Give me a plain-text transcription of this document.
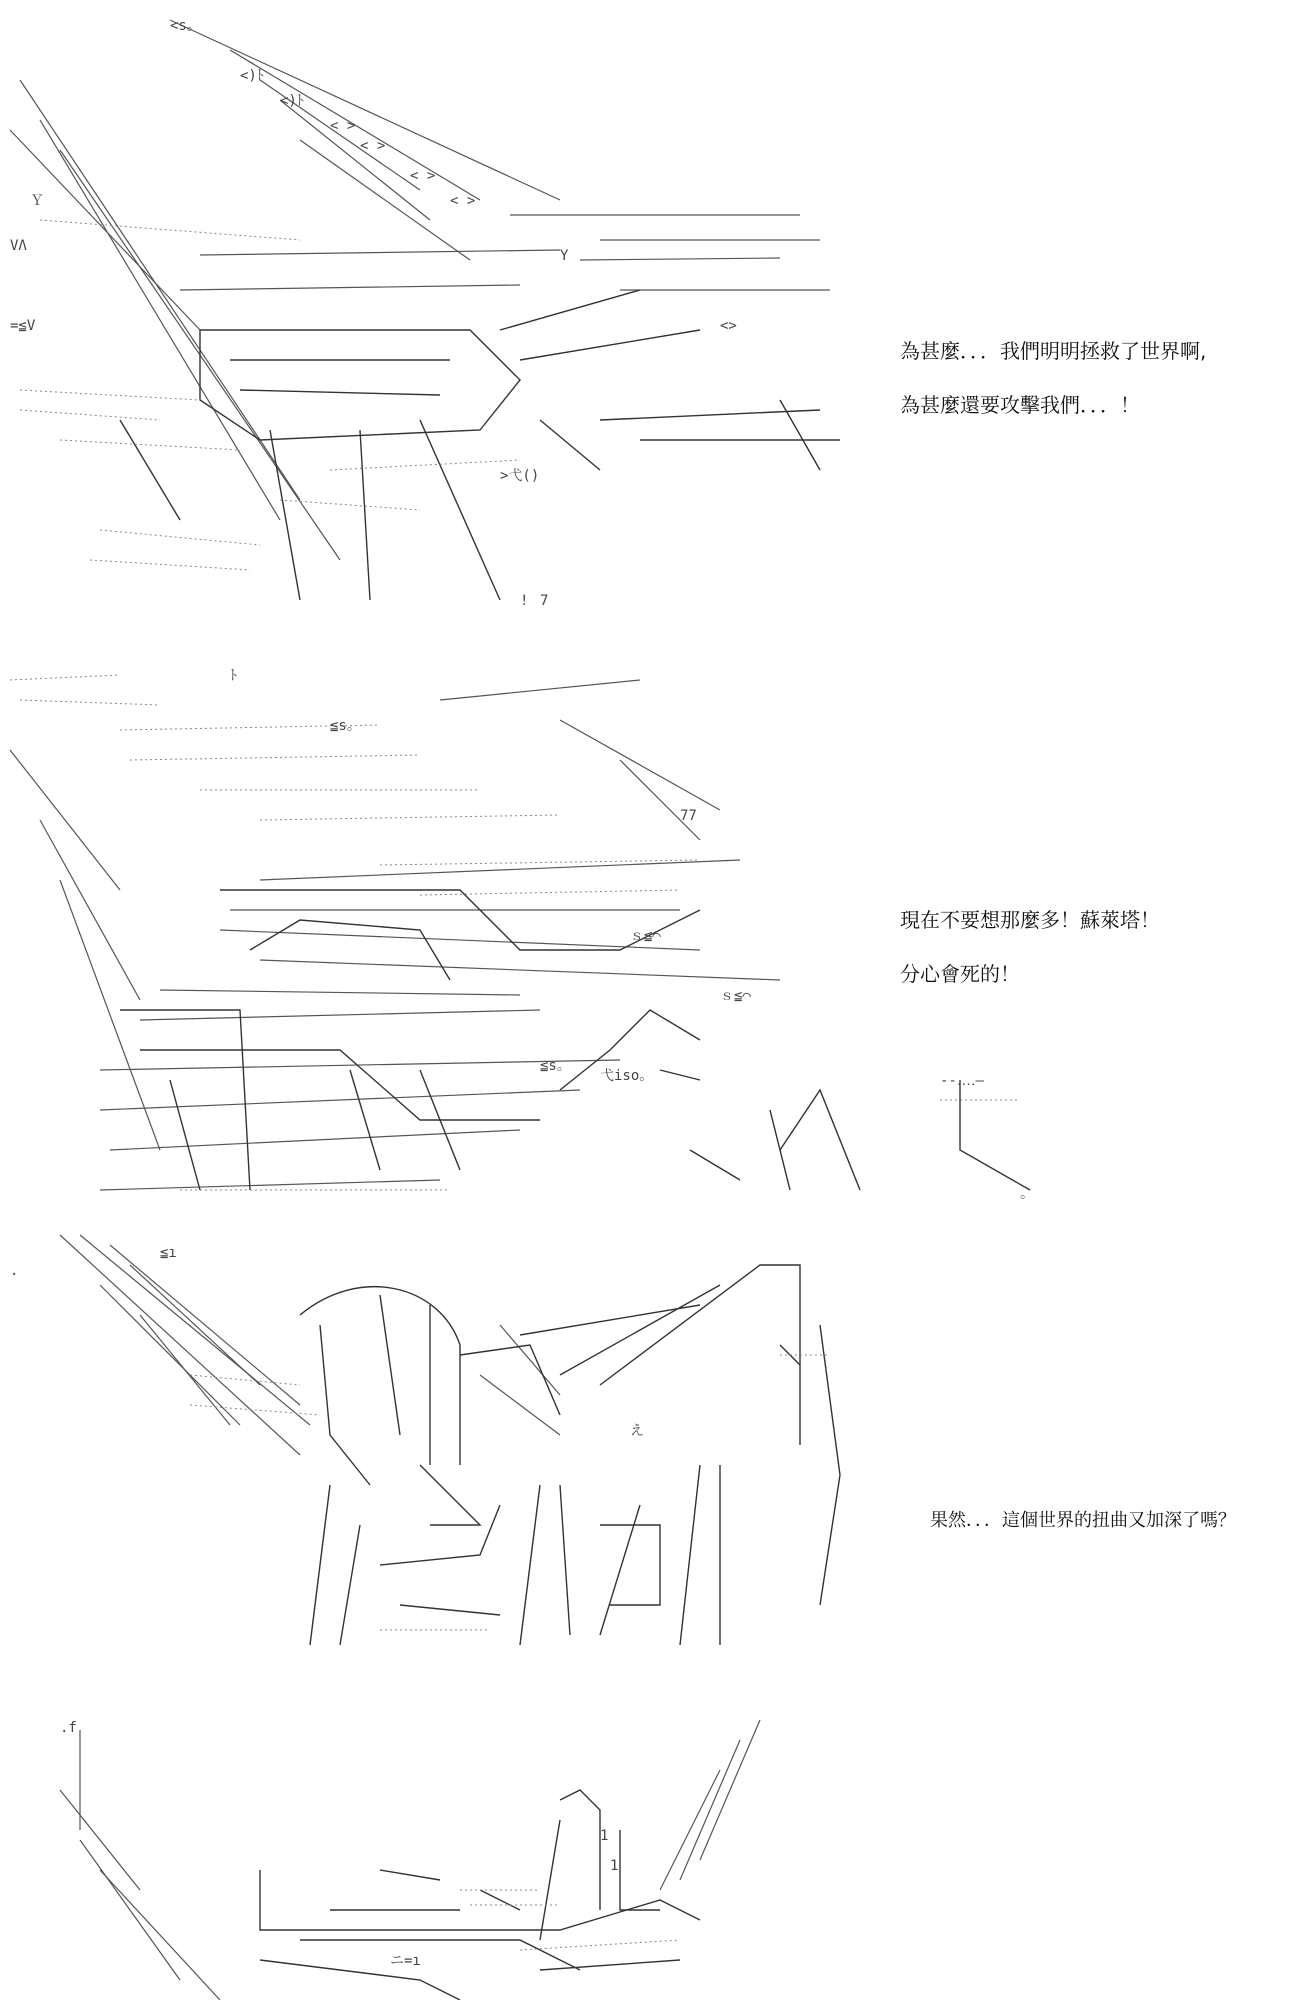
<s。
<)ﾄ
<)ﾄ
< >
< >
< >
< >
Ｙ
VΛ
=≦V
>弋()
Y
<>
! 7
為甚麼．．．我們明明拯救了世界啊,
為甚麼還要攻擊我們．．．！
ﾄ
77
≦s。
ｓ≦⌒
ｓ≦⌒
≦s。
弋iso。
。
--‥‥—
現在不要想那麼多！蘇萊塔！
分心會死的！
≦ı
え
.
果然．．．這個世界的扭曲又加深了嗎？
.f
1
1
ニ=ı
